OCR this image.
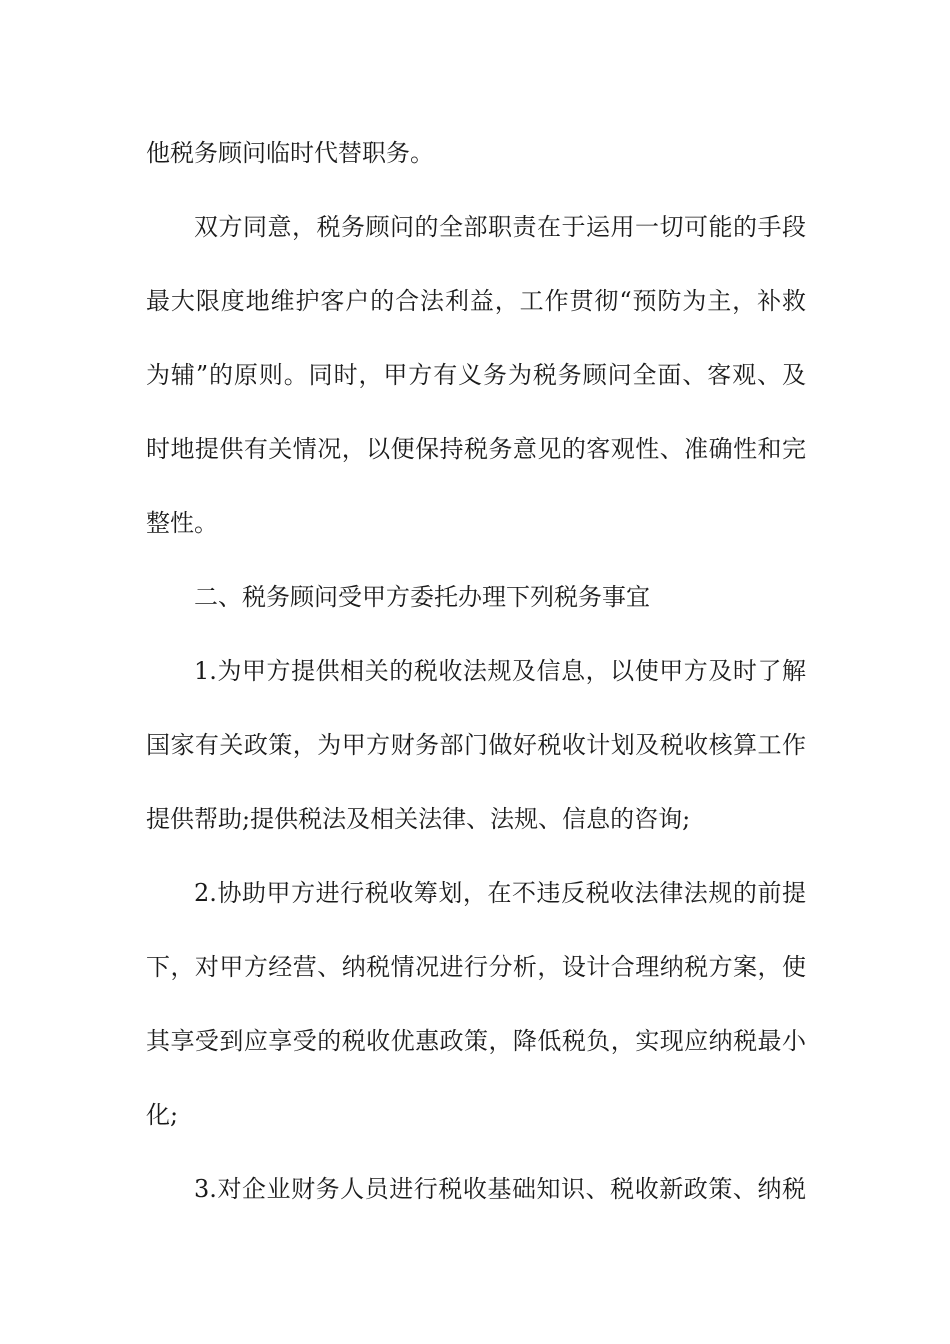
他税务顾问临时代替职务。
双方同意，税务顾问的全部职责在于运用一切可能的手段
最大限度地维护客户的合法利益，工作贯彻“预防为主，补救
为辅”的原则。同时，甲方有义务为税务顾问全面、客观、及
时地提供有关情况，以便保持税务意见的客观性、准确性和完
整性。
二、税务顾问受甲方委托办理下列税务事宜
1.为甲方提供相关的税收法规及信息，以使甲方及时了解
国家有关政策，为甲方财务部门做好税收计划及税收核算工作
提供帮助;提供税法及相关法律、法规、信息的咨询;
2.协助甲方进行税收筹划，在不违反税收法律法规的前提
下，对甲方经营、纳税情况进行分析，设计合理纳税方案，使
其享受到应享受的税收优惠政策，降低税负，实现应纳税最小
化;
3.对企业财务人员进行税收基础知识、税收新政策、纳税
